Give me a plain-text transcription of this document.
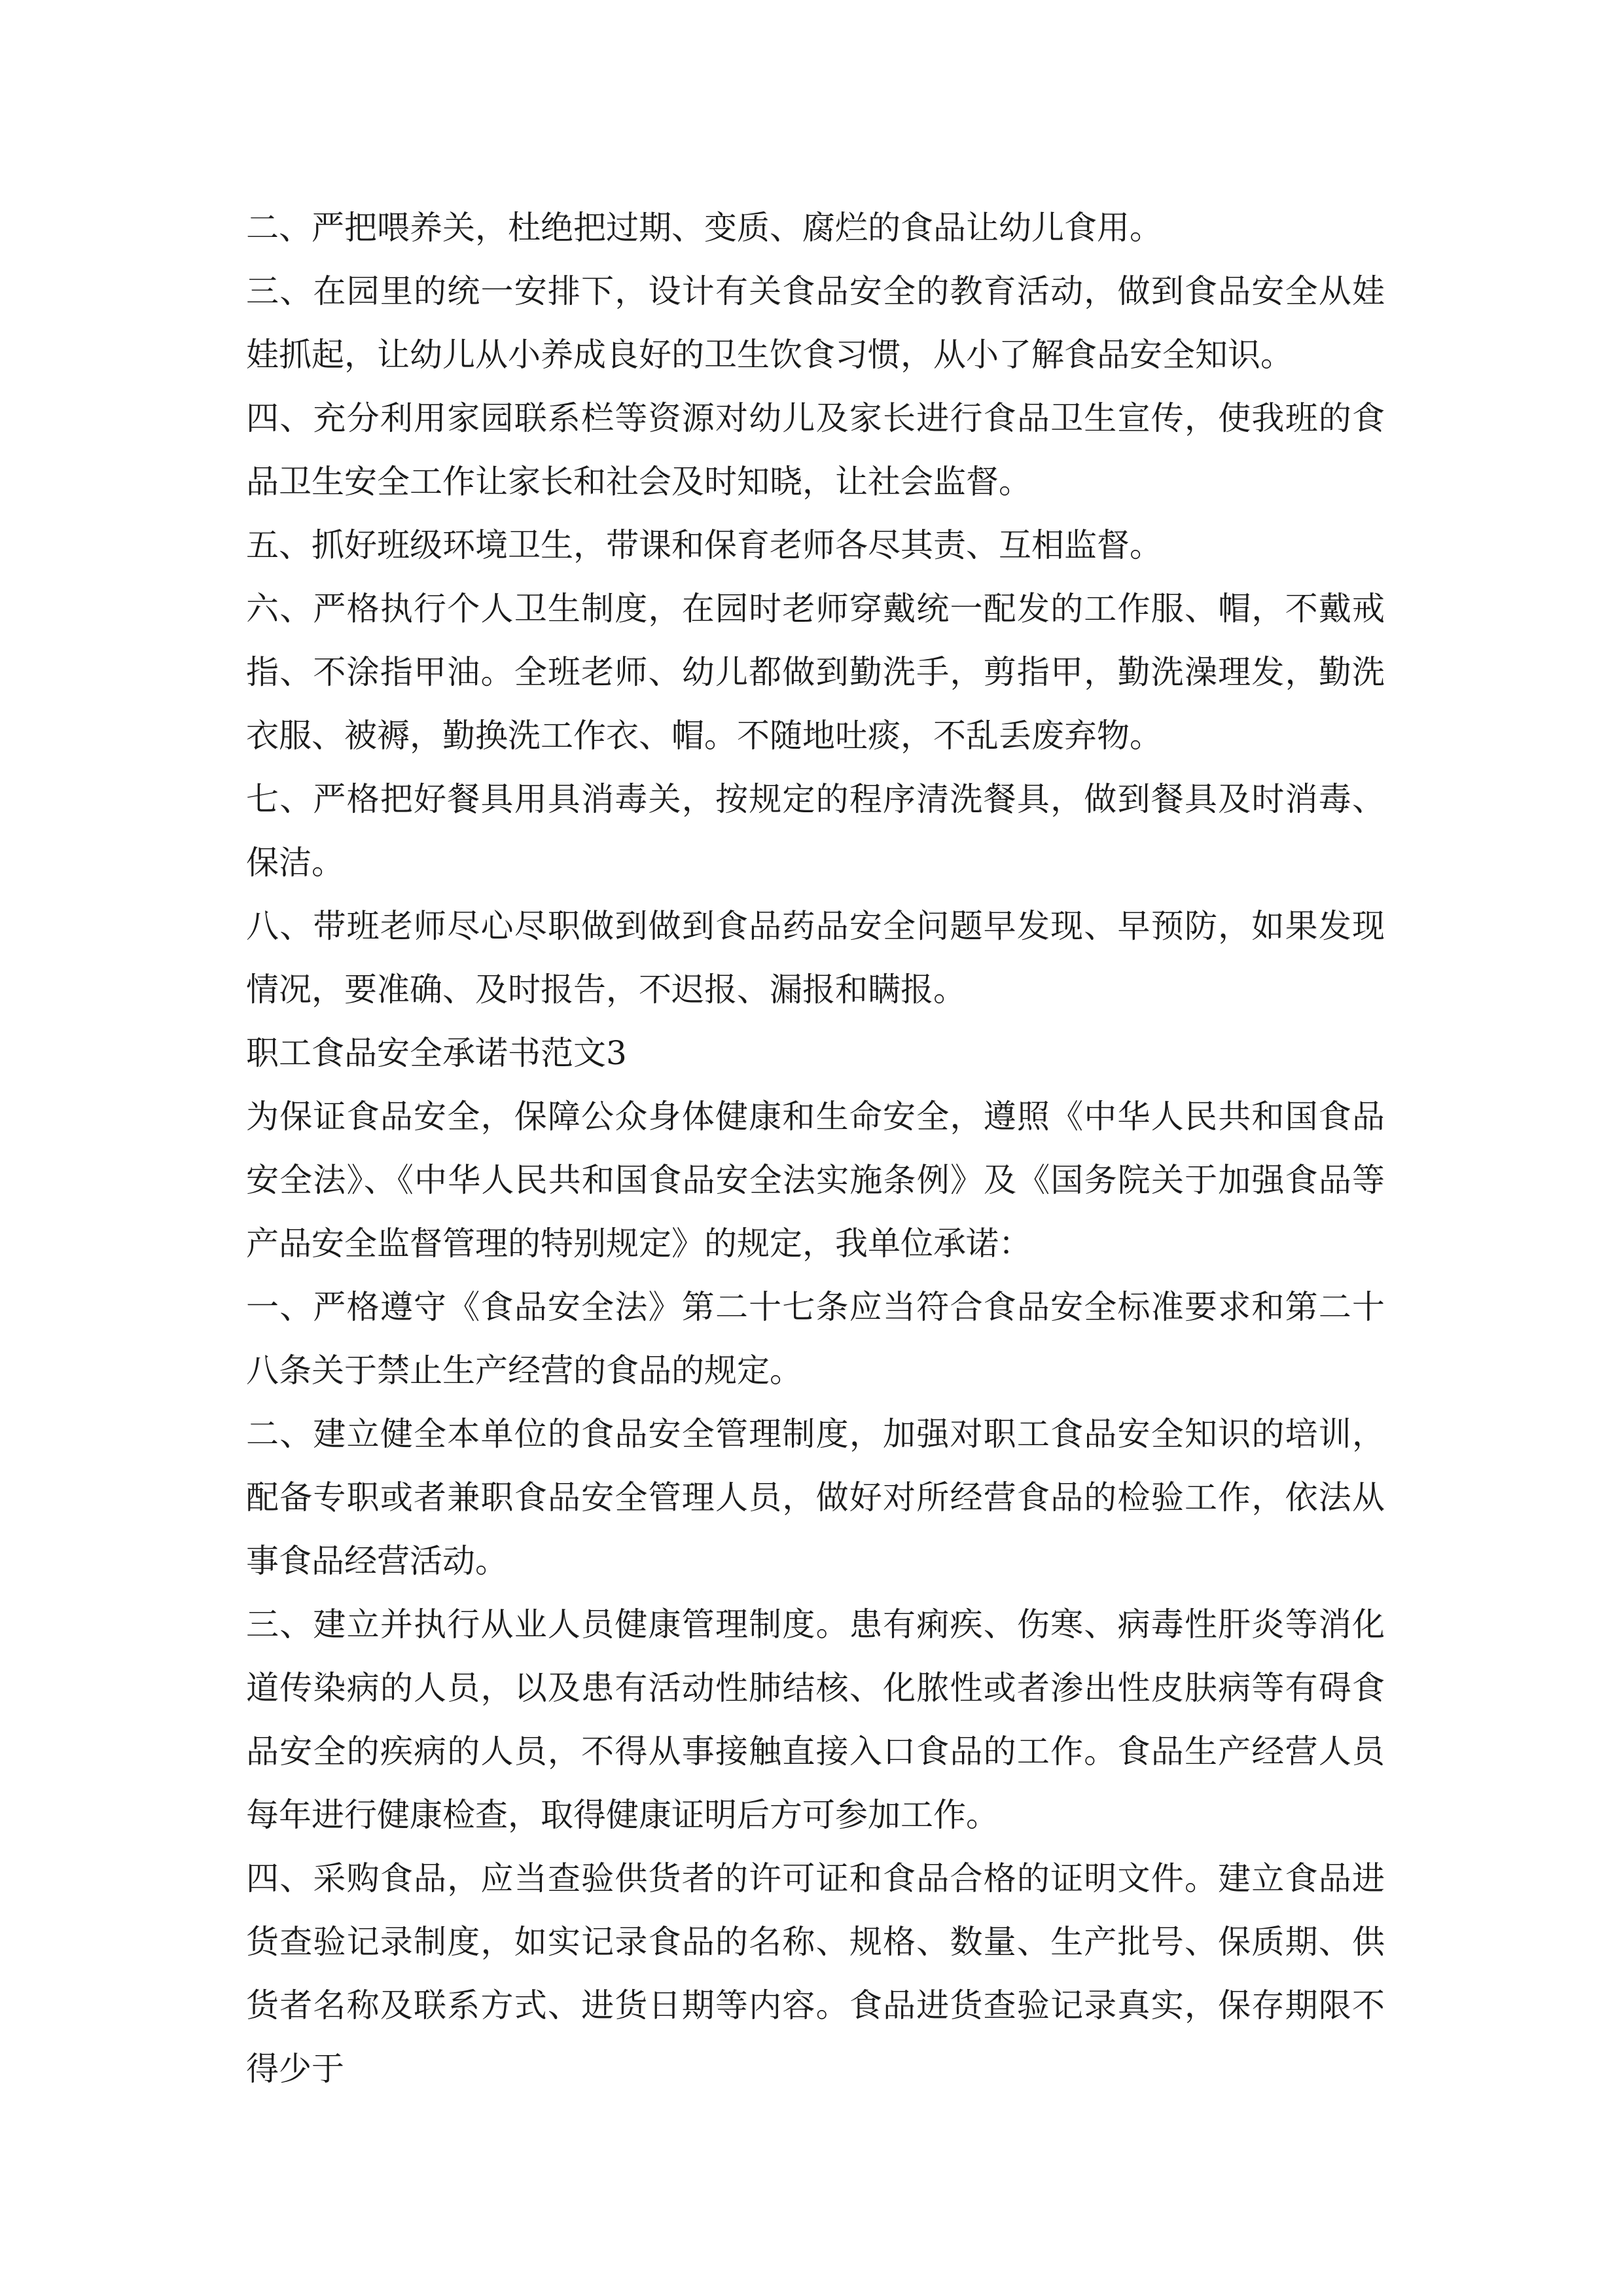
二、严把喂养关，杜绝把过期、变质、腐烂的食品让幼儿食用。

三、在园里的统一安排下，设计有关食品安全的教育活动，做到食品安全从娃娃抓起，让幼儿从小养成良好的卫生饮食习惯，从小了解食品安全知识。

四、充分利用家园联系栏等资源对幼儿及家长进行食品卫生宣传，使我班的食品卫生安全工作让家长和社会及时知晓，让社会监督。

五、抓好班级环境卫生，带课和保育老师各尽其责、互相监督。

六、严格执行个人卫生制度，在园时老师穿戴统一配发的工作服、帽，不戴戒指、不涂指甲油。全班老师、幼儿都做到勤洗手，剪指甲，勤洗澡理发，勤洗衣服、被褥，勤换洗工作衣、帽。不随地吐痰，不乱丢废弃物。

七、严格把好餐具用具消毒关，按规定的程序清洗餐具，做到餐具及时消毒、保洁。

八、带班老师尽心尽职做到做到食品药品安全问题早发现、早预防，如果发现情况，要准确、及时报告，不迟报、漏报和瞒报。

职工食品安全承诺书范文3

为保证食品安全，保障公众身体健康和生命安全，遵照《中华人民共和国食品安全法》、《中华人民共和国食品安全法实施条例》及《国务院关于加强食品等产品安全监督管理的特别规定》的规定，我单位承诺：

一、严格遵守《食品安全法》第二十七条应当符合食品安全标准要求和第二十八条关于禁止生产经营的食品的规定。

二、建立健全本单位的食品安全管理制度，加强对职工食品安全知识的培训，配备专职或者兼职食品安全管理人员，做好对所经营食品的检验工作，依法从事食品经营活动。

三、建立并执行从业人员健康管理制度。患有痢疾、伤寒、病毒性肝炎等消化道传染病的人员，以及患有活动性肺结核、化脓性或者渗出性皮肤病等有碍食品安全的疾病的人员，不得从事接触直接入口食品的工作。食品生产经营人员每年进行健康检查，取得健康证明后方可参加工作。

四、采购食品，应当查验供货者的许可证和食品合格的证明文件。建立食品进货查验记录制度，如实记录食品的名称、规格、数量、生产批号、保质期、供货者名称及联系方式、进货日期等内容。食品进货查验记录真实，保存期限不得少于
